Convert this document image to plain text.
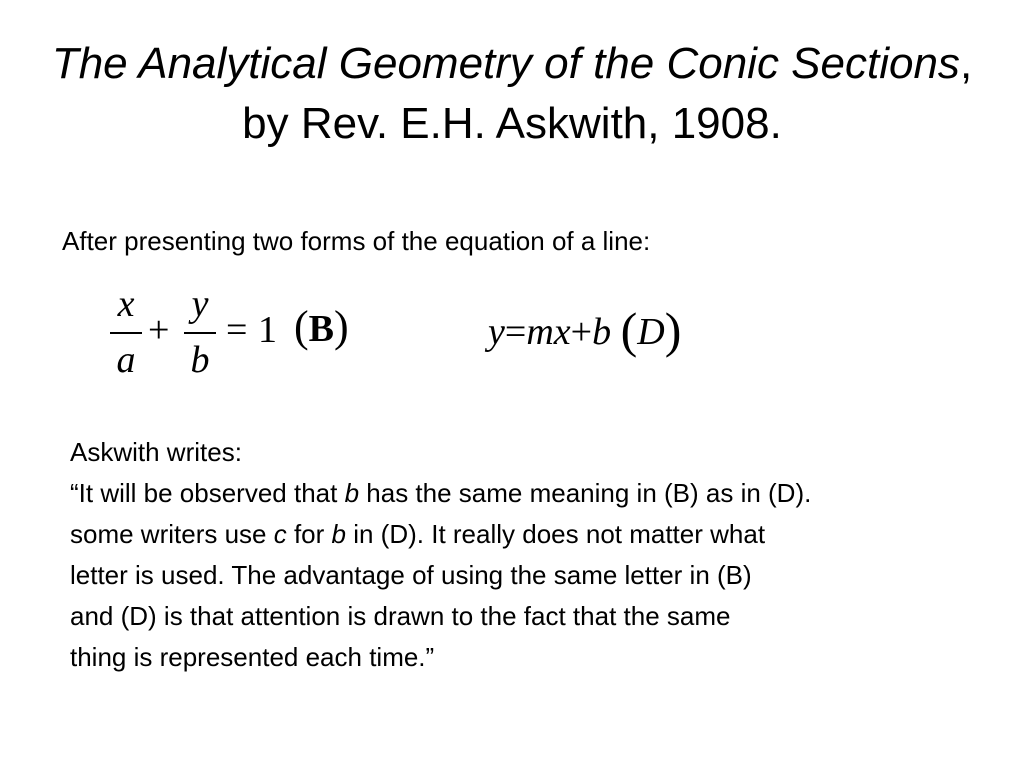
The Analytical Geometry of the Conic Sections, by Rev. E.H. Askwith, 1908.
After presenting two forms of the equation of a line:
x
a
+
y
b
= 1 (B)	y=mx+b (D)

Askwith writes:

“It will be observed that b has the same meaning in (B) as in (D).

some writers use c for b in (D). It really does not matter what

letter is used. The advantage of using the same letter in (B)

and (D) is that attention is drawn to the fact that the same

thing is represented each time.”
